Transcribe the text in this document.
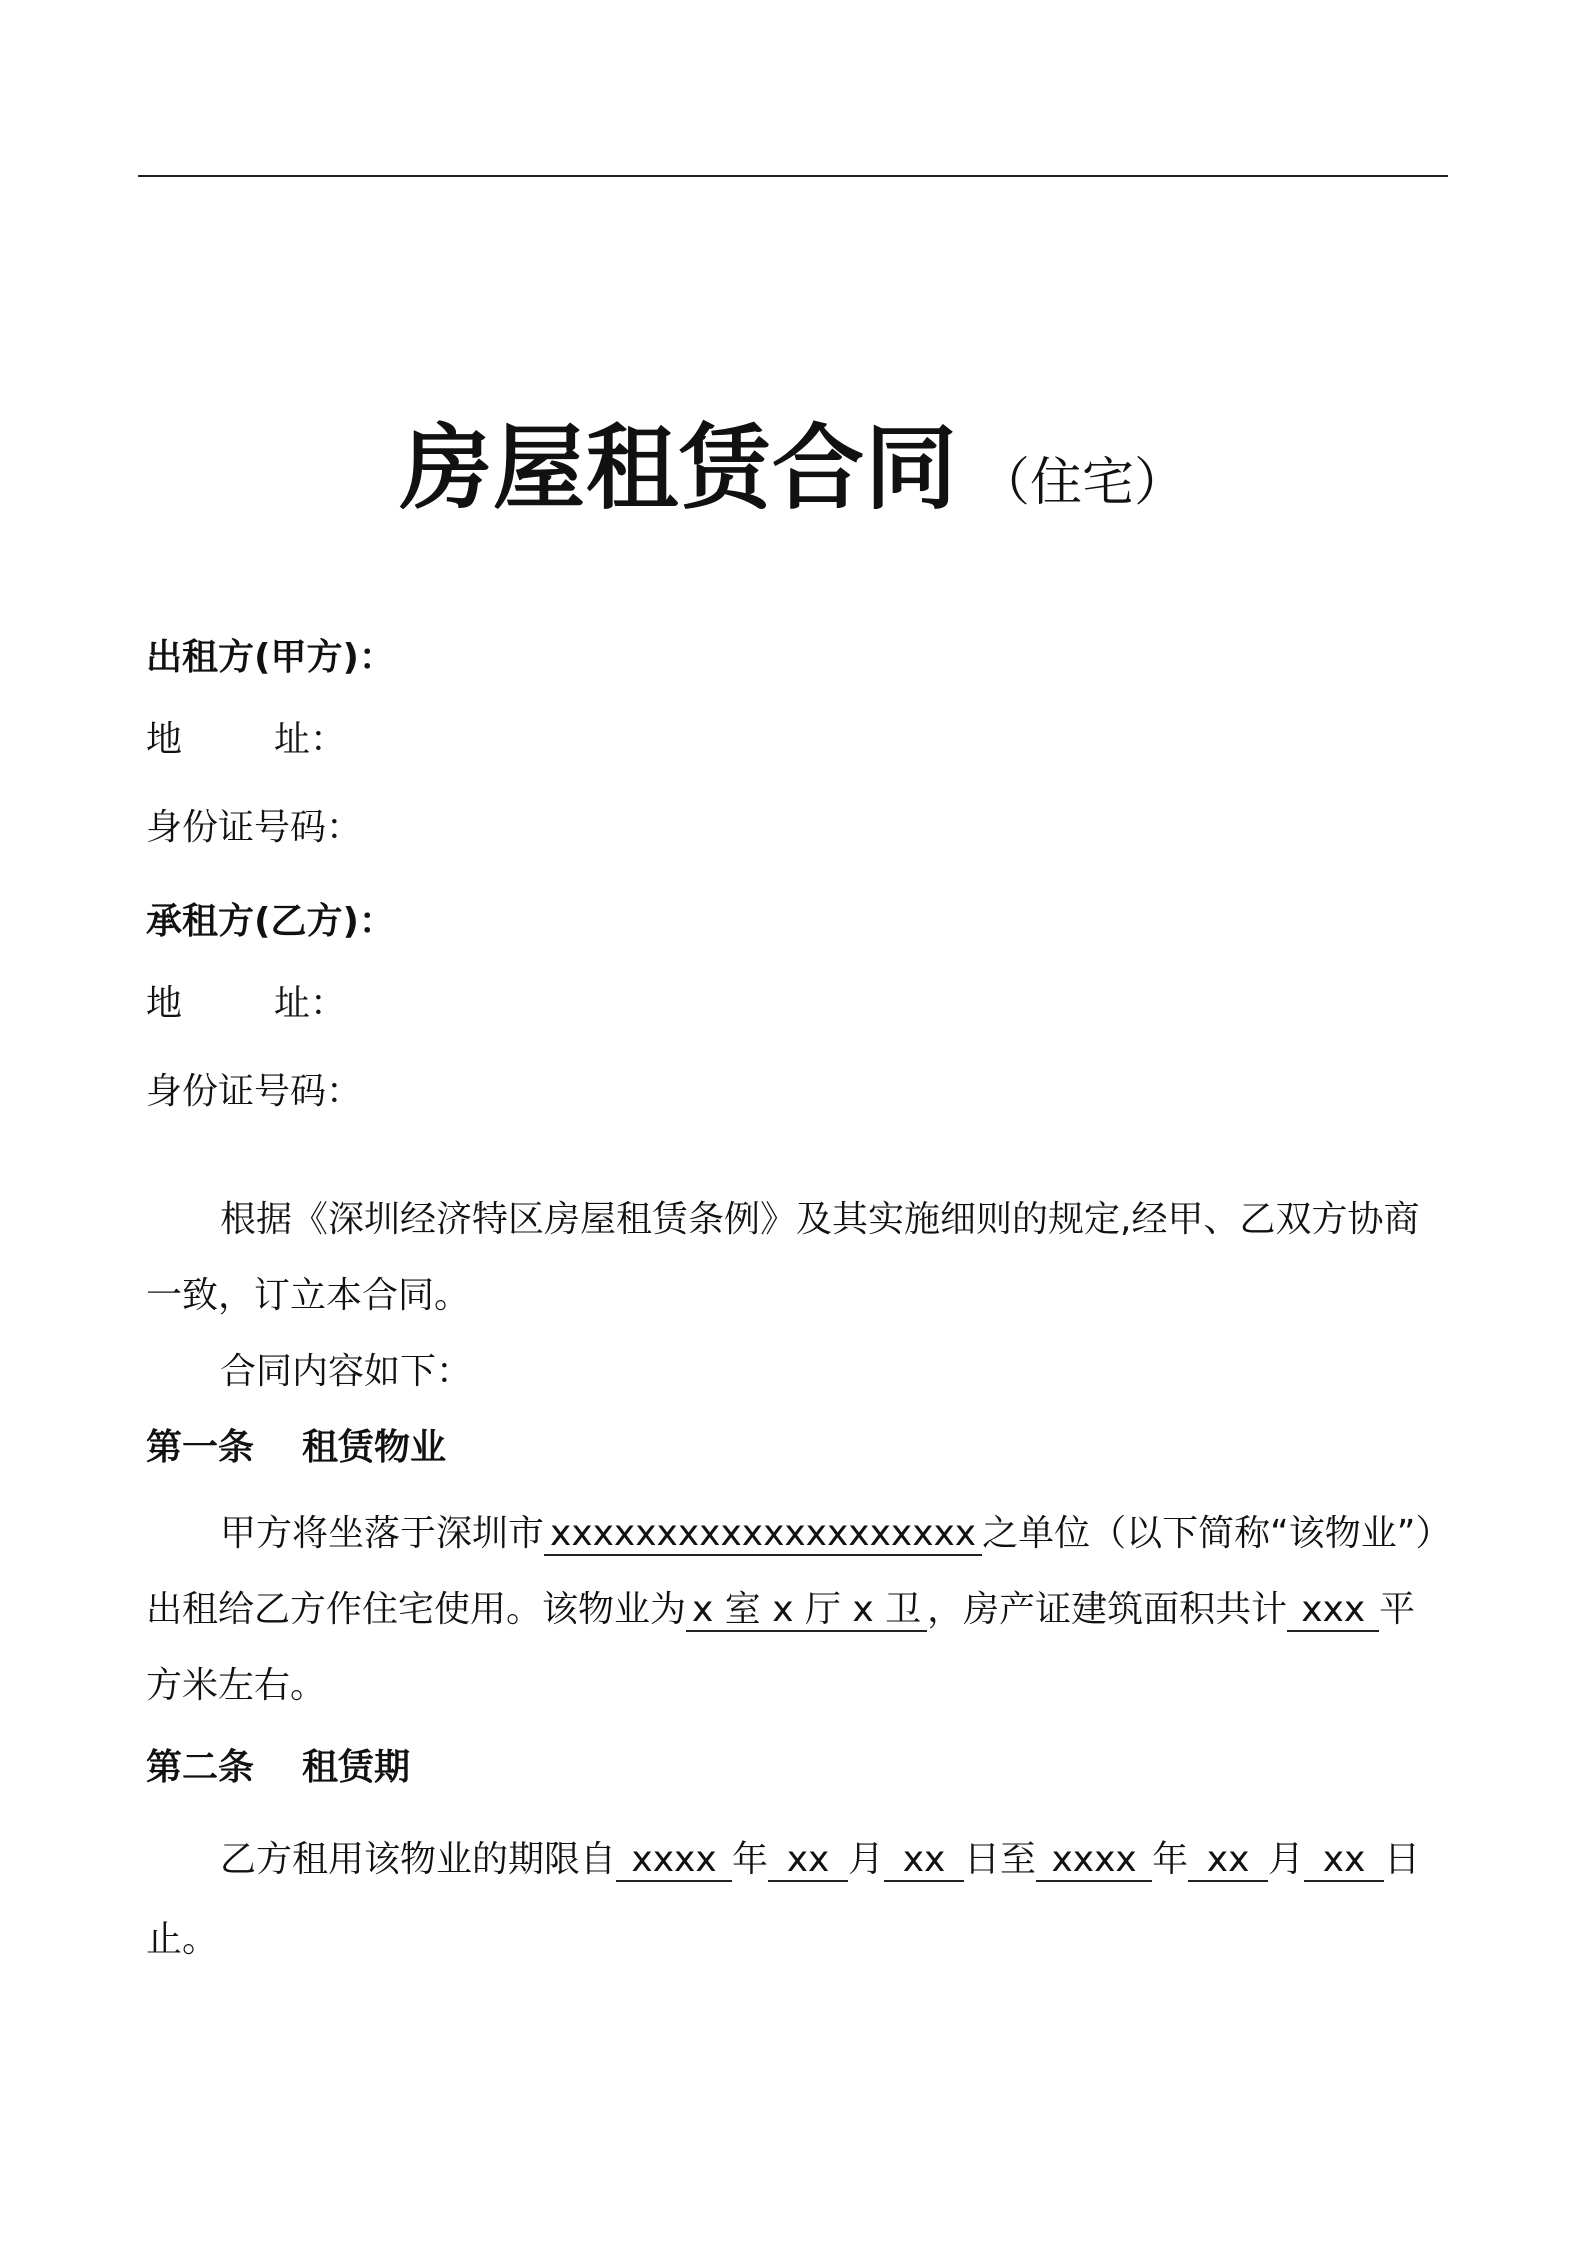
房屋租赁合同 （住宅）
出租方(甲方)：
地	址：
身份证号码：
承租方(乙方)：
地	址：
身份证号码：
根据《深圳经济特区房屋租赁条例》及其实施细则的规定,经甲、乙双方协商
一致，订立本合同。
合同内容如下：
第一条 租赁物业
甲方将坐落于深圳市 xxxxxxxxxxxxxxxxxxxx 之单位（以下简称“该物业”）
出租给乙方作住宅使用。该物业为 x 室 x 厅 x 卫 ，房产证建筑面积共计 xxx 平
方米左右。
第二条 租赁期
乙方租用该物业的期限自 xxxx 年 xx 月 xx 日至 xxxx 年 xx 月 xx 日
止。
